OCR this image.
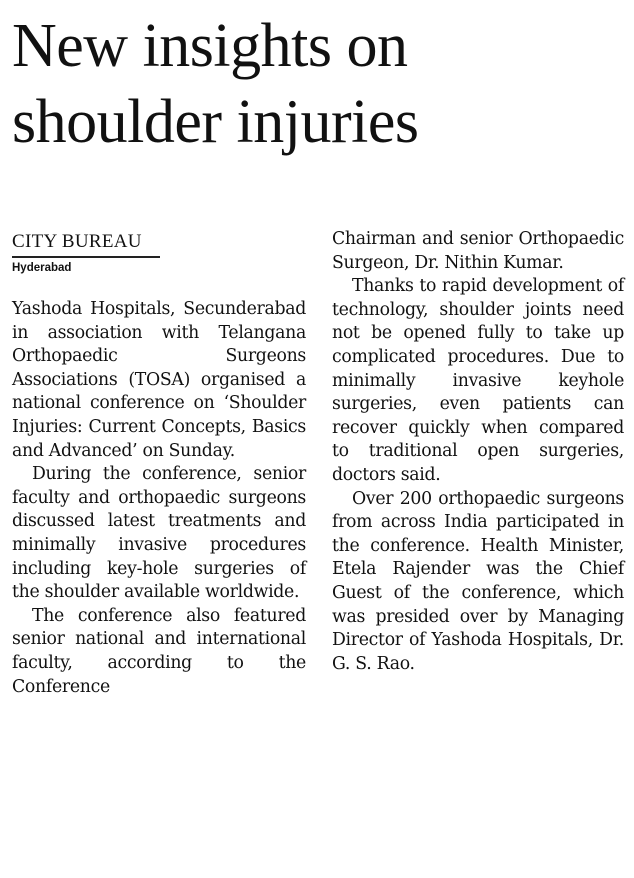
New insights on
shoulder injuries
CITY BUREAU
Hyderabad

Yashoda Hospitals, Secunderabad in association with Telangana Orthopaedic Surgeons Associations (TOSA) organised a national conference on ‘Shoulder Injuries: Current Concepts, Basics and Advanced’ on Sunday.

During the conference, senior faculty and orthopaedic surgeons discussed latest treatments and minimally invasive procedures including key-hole surgeries of the shoulder available worldwide.

The conference also featured senior national and international faculty, according to the Conference

Chairman and senior Orthopaedic Surgeon, Dr. Nithin Kumar.

Thanks to rapid development of technology, shoulder joints need not be opened fully to take up complicated procedures. Due to minimally invasive keyhole surgeries, even patients can recover quickly when compared to traditional open surgeries, doctors said.

Over 200 orthopaedic surgeons from across India participated in the conference. Health Minister, Etela Rajender was the Chief Guest of the conference, which was presided over by Managing Director of Yashoda Hospitals, Dr. G. S. Rao.
